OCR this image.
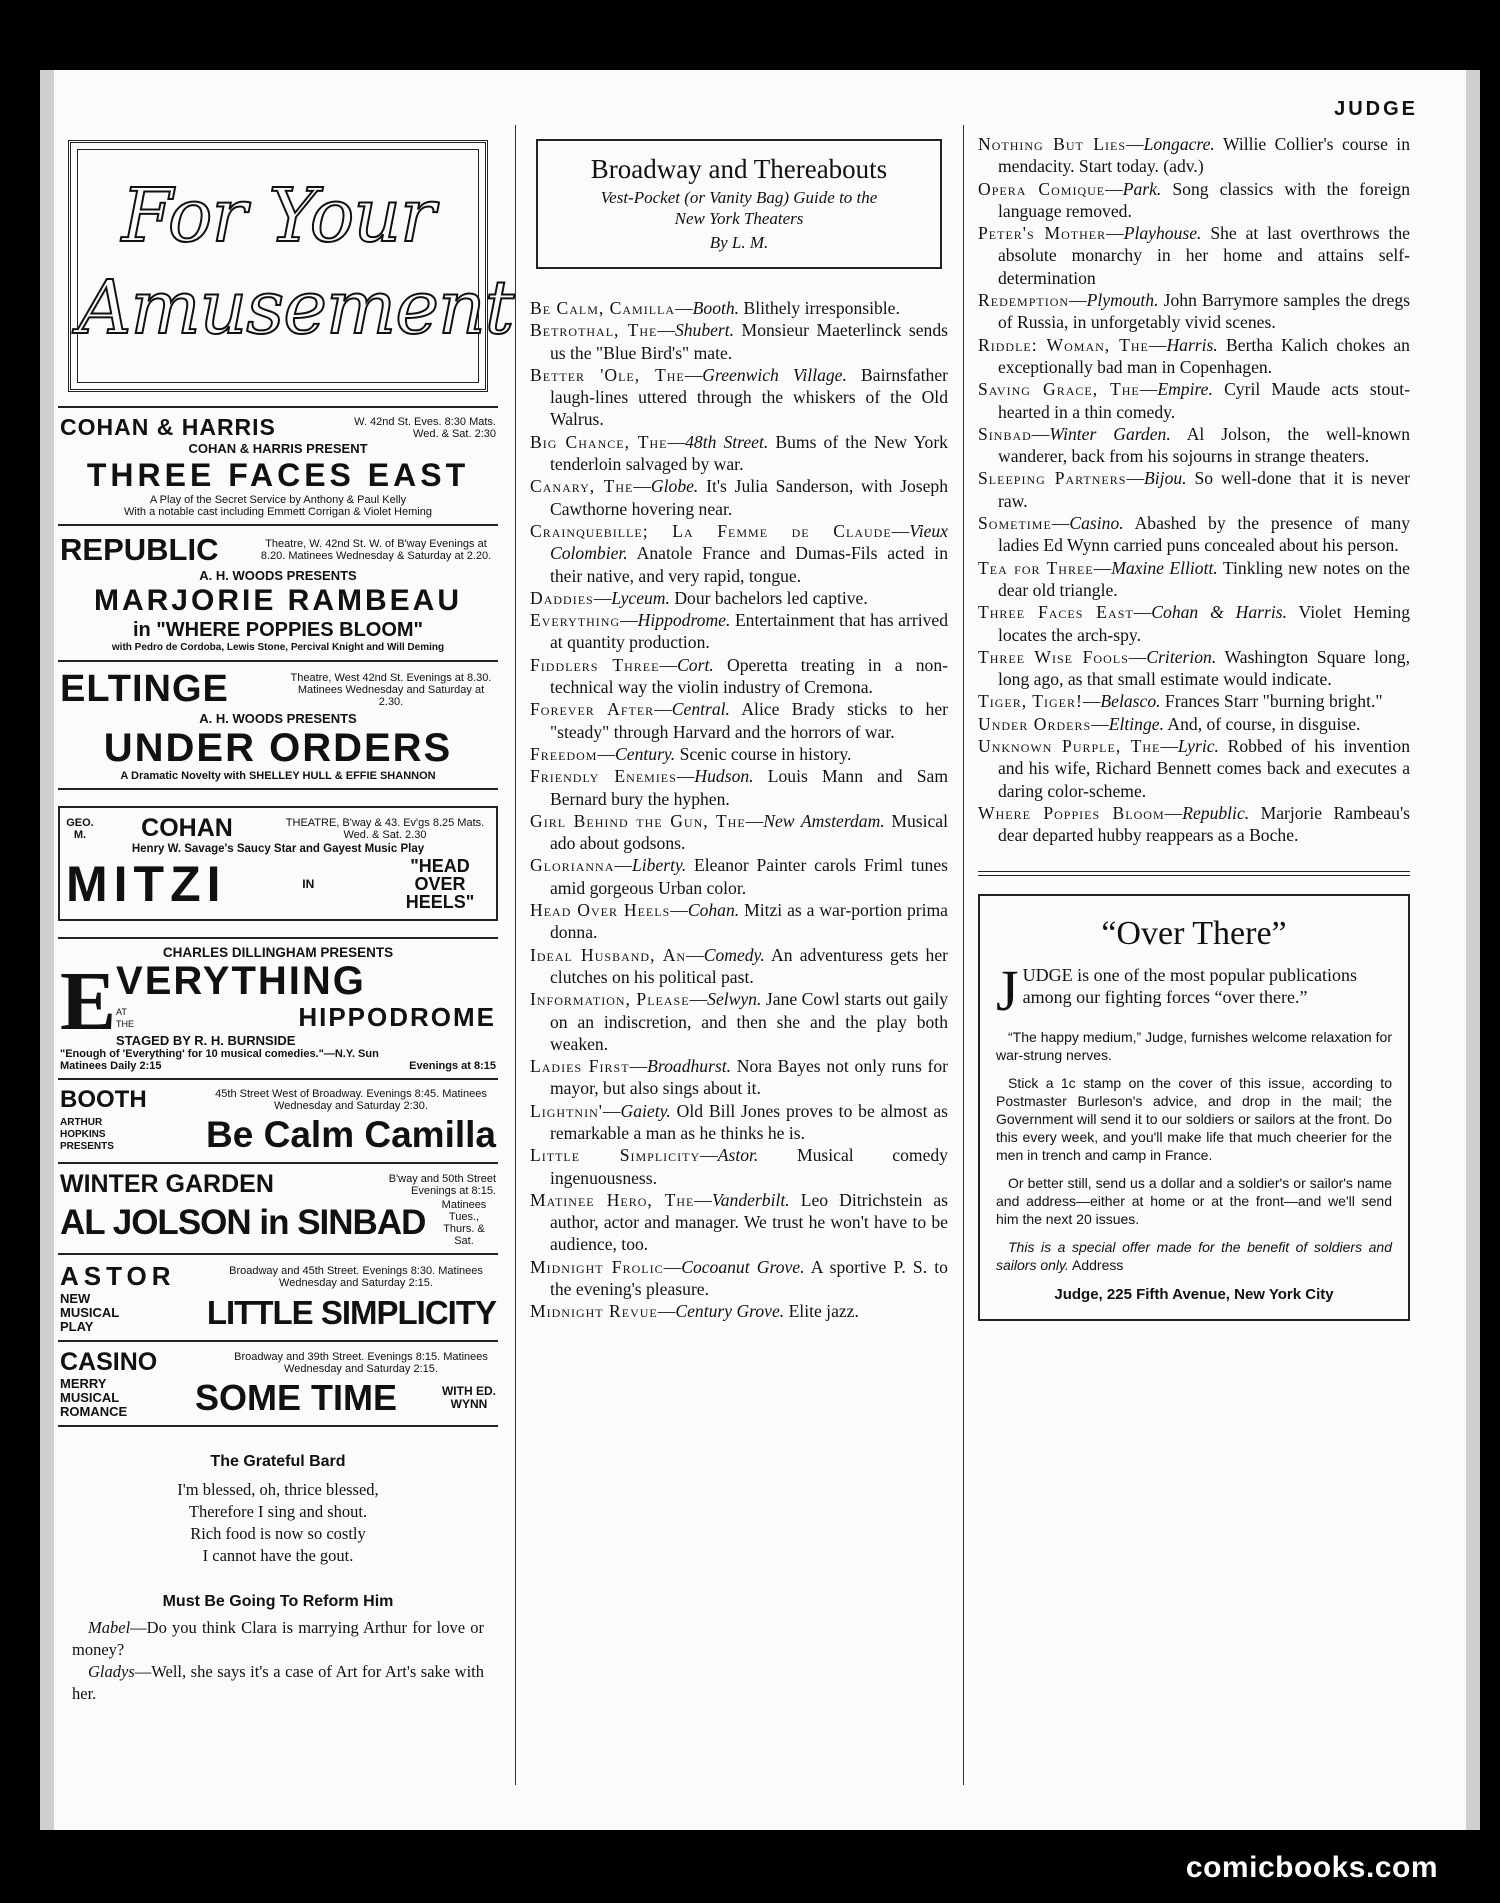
JUDGE
For Your
Amusement
COHAN & HARRIS	W. 42nd St. Eves. 8:30 Mats. Wed. & Sat. 2:30
COHAN & HARRIS PRESENT
THREE FACES EAST
A Play of the Secret Service by Anthony & Paul Kelly
With a notable cast including Emmett Corrigan & Violet Heming
REPUBLIC	Theatre, W. 42nd St. W. of B'way Evenings at 8.20. Matinees Wednesday & Saturday at 2.20.
A. H. WOODS PRESENTS
MARJORIE RAMBEAU
in "WHERE POPPIES BLOOM"
with Pedro de Cordoba, Lewis Stone, Percival Knight and Will Deming
ELTINGE	Theatre, West 42nd St. Evenings at 8.30. Matinees Wednesday and Saturday at 2.30.
A. H. WOODS PRESENTS
UNDER ORDERS
A Dramatic Novelty with SHELLEY HULL & EFFIE SHANNON
GEO. M.	COHAN	THEATRE, B'way & 43. Ev'gs 8.25 Mats. Wed. & Sat. 2.30
Henry W. Savage's Saucy Star and Gayest Music Play
MITZI	IN
"HEAD OVER HEELS"
CHARLES DILLINGHAM PRESENTS
E VERYTHING
AT THE	HIPPODROME
STAGED BY R. H. BURNSIDE
"Enough of 'Everything' for 10 musical comedies."—N.Y. Sun
Matinees Daily 2:15	Evenings at 8:15
BOOTH	45th Street West of Broadway. Evenings 8:45. Matinees Wednesday and Saturday 2:30.
ARTHUR HOPKINS PRESENTS Be Calm Camilla
WINTER GARDEN	B'way and 50th Street Evenings at 8:15.
AL JOLSON in SINBAD	Matinees Tues., Thurs. & Sat.
ASTOR	Broadway and 45th Street. Evenings 8:30. Matinees Wednesday and Saturday 2:15.
NEW MUSICAL PLAY	LITTLE SIMPLICITY
CASINO	Broadway and 39th Street. Evenings 8:15. Matinees Wednesday and Saturday 2:15.
MERRY MUSICAL ROMANCE	SOME TIME	WITH ED. WYNN
The Grateful Bard
I'm blessed, oh, thrice blessed,
Therefore I sing and shout.
Rich food is now so costly
I cannot have the gout.
Must Be Going To Reform Him

Mabel—Do you think Clara is marrying Arthur for love or money?

Gladys—Well, she says it's a case of Art for Art's sake with her.

Broadway and Thereabouts
Vest-Pocket (or Vanity Bag) Guide to the New York Theaters
By L. M.

Be Calm, Camilla—Booth. Blithely irresponsible.

Betrothal, The—Shubert. Monsieur Maeterlinck sends us the "Blue Bird's" mate.

Better 'Ole, The—Greenwich Village. Bairnsfather laugh-lines uttered through the whiskers of the Old Walrus.

Big Chance, The—48th Street. Bums of the New York tenderloin salvaged by war.

Canary, The—Globe. It's Julia Sanderson, with Joseph Cawthorne hovering near.

Crainquebille; La Femme de Claude—Vieux Colombier. Anatole France and Dumas-Fils acted in their native, and very rapid, tongue.

Daddies—Lyceum. Dour bachelors led captive.

Everything—Hippodrome. Entertainment that has arrived at quantity production.

Fiddlers Three—Cort. Operetta treating in a non-technical way the violin industry of Cremona.

Forever After—Central. Alice Brady sticks to her "steady" through Harvard and the horrors of war.

Freedom—Century. Scenic course in history.

Friendly Enemies—Hudson. Louis Mann and Sam Bernard bury the hyphen.

Girl Behind the Gun, The—New Amsterdam. Musical ado about godsons.

Glorianna—Liberty. Eleanor Painter carols Friml tunes amid gorgeous Urban color.

Head Over Heels—Cohan. Mitzi as a war-portion prima donna.

Ideal Husband, An—Comedy. An adventuress gets her clutches on his political past.

Information, Please—Selwyn. Jane Cowl starts out gaily on an indiscretion, and then she and the play both weaken.

Ladies First—Broadhurst. Nora Bayes not only runs for mayor, but also sings about it.

Lightnin'—Gaiety. Old Bill Jones proves to be almost as remarkable a man as he thinks he is.

Little Simplicity—Astor. Musical comedy ingenuousness.

Matinee Hero, The—Vanderbilt. Leo Ditrichstein as author, actor and manager. We trust he won't have to be audience, too.

Midnight Frolic—Cocoanut Grove. A sportive P. S. to the evening's pleasure.

Midnight Revue—Century Grove. Elite jazz.

Nothing But Lies—Longacre. Willie Collier's course in mendacity. Start today. (adv.)

Opera Comique—Park. Song classics with the foreign language removed.

Peter's Mother—Playhouse. She at last overthrows the absolute monarchy in her home and attains self-determination

Redemption—Plymouth. John Barrymore samples the dregs of Russia, in unforgetably vivid scenes.

Riddle: Woman, The—Harris. Bertha Kalich chokes an exceptionally bad man in Copenhagen.

Saving Grace, The—Empire. Cyril Maude acts stout-hearted in a thin comedy.

Sinbad—Winter Garden. Al Jolson, the well-known wanderer, back from his sojourns in strange theaters.

Sleeping Partners—Bijou. So well-done that it is never raw.

Sometime—Casino. Abashed by the presence of many ladies Ed Wynn carried puns concealed about his person.

Tea for Three—Maxine Elliott. Tinkling new notes on the dear old triangle.

Three Faces East—Cohan & Harris. Violet Heming locates the arch-spy.

Three Wise Fools—Criterion. Washington Square long, long ago, as that small estimate would indicate.

Tiger, Tiger!—Belasco. Frances Starr "burning bright."

Under Orders—Eltinge. And, of course, in disguise.

Unknown Purple, The—Lyric. Robbed of his invention and his wife, Richard Bennett comes back and executes a daring color-scheme.

Where Poppies Bloom—Republic. Marjorie Rambeau's dear departed hubby reappears as a Boche.

“Over There”
J UDGE is one of the most popular publications among our fighting forces “over there.”

“The happy medium,” Judge, furnishes welcome relaxation for war-strung nerves.

Stick a 1c stamp on the cover of this issue, according to Postmaster Burleson's advice, and drop in the mail; the Government will send it to our soldiers or sailors at the front. Do this every week, and you'll make life that much cheerier for the men in trench and camp in France.

Or better still, send us a dollar and a soldier's or sailor's name and address—either at home or at the front—and we'll send him the next 20 issues.

This is a special offer made for the benefit of soldiers and sailors only. Address

Judge, 225 Fifth Avenue, New York City
comicbooks.com
